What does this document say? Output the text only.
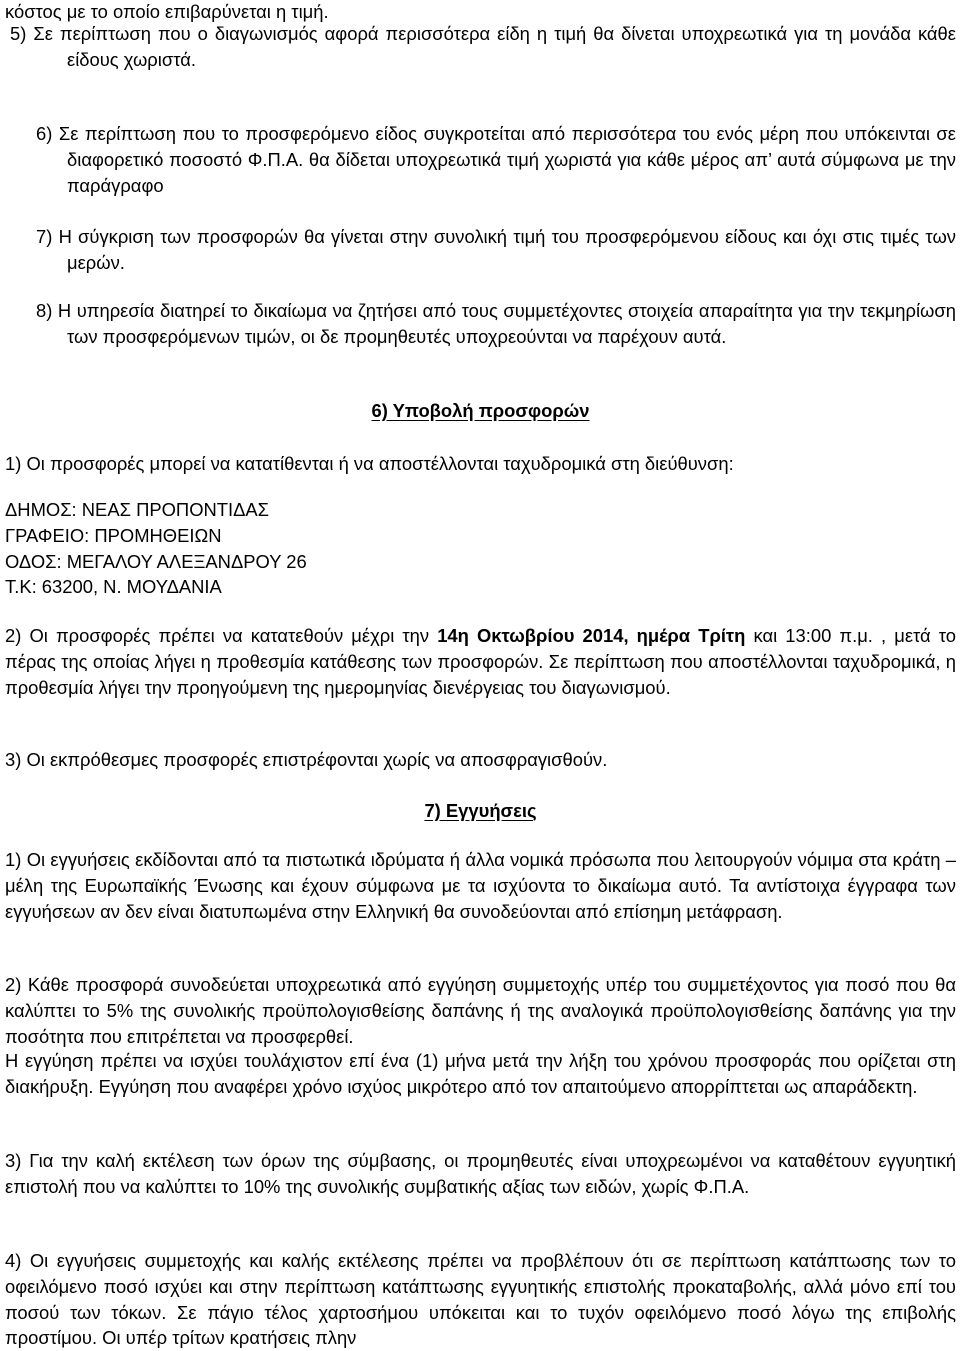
κόστος με το οποίο επιβαρύνεται η τιμή.

5) Σε περίπτωση που ο διαγωνισμός αφορά περισσότερα είδη η τιμή θα δίνεται υποχρεωτικά για τη μονάδα κάθε είδους χωριστά.

6) Σε περίπτωση που το προσφερόμενο είδος συγκροτείται από περισσότερα του ενός μέρη που υπόκεινται σε διαφορετικό ποσοστό Φ.Π.Α. θα δίδεται υποχρεωτικά τιμή χωριστά για κάθε μέρος απ’ αυτά σύμφωνα με την παράγραφο

7) Η σύγκριση των προσφορών θα γίνεται στην συνολική τιμή του προσφερόμενου είδους και όχι στις τιμές των μερών.

8) Η υπηρεσία διατηρεί το δικαίωμα να ζητήσει από τους συμμετέχοντες στοιχεία απαραίτητα για την τεκμηρίωση των προσφερόμενων τιμών, οι δε προμηθευτές υποχρεούνται να παρέχουν αυτά.

6) Υποβολή προσφορών

1) Οι προσφορές μπορεί να κατατίθενται ή να αποστέλλονται ταχυδρομικά στη διεύθυνση:

ΔΗΜΟΣ: ΝΕΑΣ ΠΡΟΠΟΝΤΙΔΑΣ
ΓΡΑΦΕΙΟ: ΠΡΟΜΗΘΕΙΩΝ
ΟΔΟΣ: ΜΕΓΑΛΟΥ ΑΛΕΞΑΝΔΡΟΥ 26
Τ.Κ: 63200, Ν. ΜΟΥΔΑΝΙΑ

2) Οι προσφορές πρέπει να κατατεθούν μέχρι την 14η Οκτωβρίου 2014, ημέρα Τρίτη και 13:00 π.μ. , μετά το πέρας της οποίας λήγει η προθεσμία κατάθεσης των προσφορών. Σε περίπτωση που αποστέλλονται ταχυδρομικά, η προθεσμία λήγει την προηγούμενη της ημερομηνίας διενέργειας του διαγωνισμού.

3) Οι εκπρόθεσμες προσφορές επιστρέφονται χωρίς να αποσφραγισθούν.

7) Εγγυήσεις

1) Οι εγγυήσεις εκδίδονται από τα πιστωτικά ιδρύματα ή άλλα νομικά πρόσωπα που λειτουργούν νόμιμα στα κράτη – μέλη της Ευρωπαϊκής Ένωσης και έχουν σύμφωνα με τα ισχύοντα το δικαίωμα αυτό. Τα αντίστοιχα έγγραφα των εγγυήσεων αν δεν είναι διατυπωμένα στην Ελληνική θα συνοδεύονται από επίσημη μετάφραση.

2) Κάθε προσφορά συνοδεύεται υποχρεωτικά από εγγύηση συμμετοχής υπέρ του συμμετέχοντος για ποσό που θα καλύπτει το 5% της συνολικής προϋπολογισθείσης δαπάνης ή της αναλογικά προϋπολογισθείσης δαπάνης για την ποσότητα που επιτρέπεται να προσφερθεί.

Η εγγύηση πρέπει να ισχύει τουλάχιστον επί ένα (1) μήνα μετά την λήξη του χρόνου προσφοράς που ορίζεται στη διακήρυξη. Εγγύηση που αναφέρει χρόνο ισχύος μικρότερο από τον απαιτούμενο απορρίπτεται ως απαράδεκτη.

3) Για την καλή εκτέλεση των όρων της σύμβασης, οι προμηθευτές είναι υποχρεωμένοι να καταθέτουν εγγυητική επιστολή που να καλύπτει το 10% της συνολικής συμβατικής αξίας των ειδών, χωρίς Φ.Π.Α.

4) Οι εγγυήσεις συμμετοχής και καλής εκτέλεσης πρέπει να προβλέπουν ότι σε περίπτωση κατάπτωσης των το οφειλόμενο ποσό ισχύει και στην περίπτωση κατάπτωσης εγγυητικής επιστολής προκαταβολής, αλλά μόνο επί του ποσού των τόκων. Σε πάγιο τέλος χαρτοσήμου υπόκειται και το τυχόν οφειλόμενο ποσό λόγω της επιβολής προστίμου. Οι υπέρ τρίτων κρατήσεις πλην
